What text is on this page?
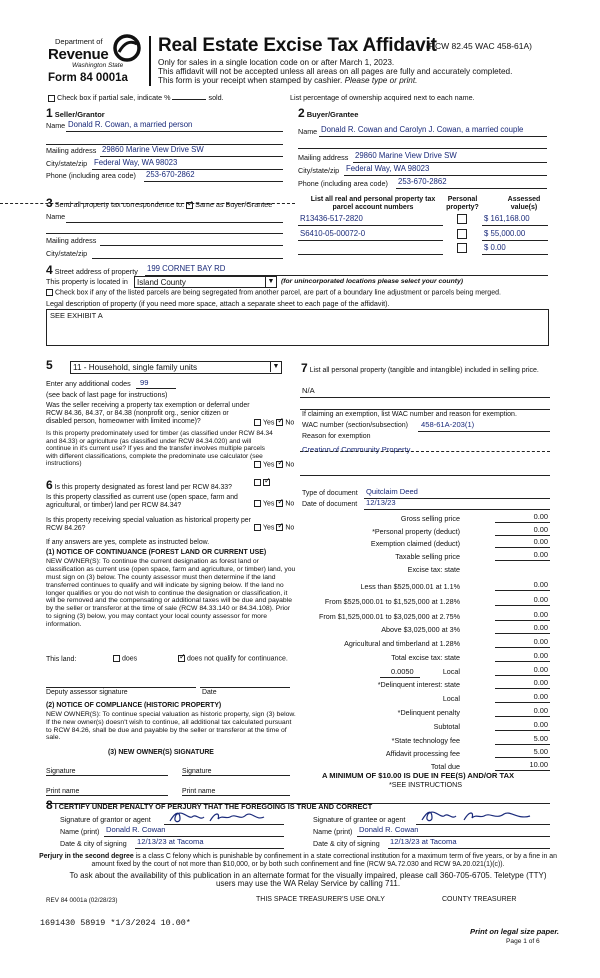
Department of
Revenue
Washington State
Form 84 0001a
Real Estate Excise Tax Affidavit
(RCW 82.45 WAC 458-61A)
Only for sales in a single location code on or after March 1, 2023.
This affidavit will not be accepted unless all areas on all pages are fully and accurately completed.
This form is your receipt when stamped by cashier. Please type or print.
Check box if partial sale, indicate %	sold.	List percentage of ownership acquired next to each name.
1 Seller/Grantor
Name Donald R. Cowan, a married person
Mailing address 29860 Marine View Drive SW
City/state/zip Federal Way, WA 98023
Phone (including area code) 253-670-2862
2 Buyer/Grantee
Name Donald R. Cowan and Carolyn J. Cowan, a married couple
Mailing address 29860 Marine View Drive SW
City/state/zip Federal Way, WA 98023
Phone (including area code) 253-670-2862
3 Send all property tax correspondence to: ✓ Same as Buyer/Grantee
Name
Mailing address
City/state/zip
List all real and personal property tax parcel account numbers
Personal property?
Assessed value(s)
R13436-517-2820	$ 161,168.00
S6410-05-00072-0	$ 55,000.00
$ 0.00
4 Street address of property 199 CORNET BAY RD
This property is located in	Island County	▼ (for unincorporated locations please select your county)
Check box if any of the listed parcels are being segregated from another parcel, are part of a boundary line adjustment or parcels being merged.
Legal description of property (if you need more space, attach a separate sheet to each page of the affidavit).
SEE EXHIBIT A
5	11 - Household, single family units	▼
Enter any additional codes 99
(see back of last page for instructions)
Was the seller receiving a property tax exemption or deferral under RCW 84.36, 84.37, or 84.38 (nonprofit org., senior citizen or disabled person, homeowner with limited income)?	Yes ✓ No
Is this property predominately used for timber (as classified under RCW 84.34 and 84.33) or agriculture (as classified under RCW 84.34.020) and will continue in it's current use? If yes and the transfer involves multiple parcels with different classifications, complete the predominate use calculator (see instructions)	Yes ✓ No
6 Is this property designated as forest land per RCW 84.33?
✓
Is this property classified as current use (open space, farm and agricultural, or timber) land per RCW 84.34?	Yes ✓ No
Is this property receiving special valuation as historical property per RCW 84.26?	Yes ✓ No
If any answers are yes, complete as instructed below.
(1) NOTICE OF CONTINUANCE (FOREST LAND OR CURRENT USE)
NEW OWNER(S): To continue the current designation as forest land or classification as current use (open space, farm and agriculture, or timber) land, you must sign on (3) below. The county assessor must then determine if the land transferred continues to qualify and will indicate by signing below. If the land no longer qualifies or you do not wish to continue the designation or classification, it will be removed and the compensating or additional taxes will be due and payable by the seller or transferor at the time of sale (RCW 84.33.140 or 84.34.108). Prior to signing (3) below, you may contact your local county assessor for more information.
This land:	does ✓	does not qualify for continuance.
Deputy assessor signature	Date
(2) NOTICE OF COMPLIANCE (HISTORIC PROPERTY)
NEW OWNER(S): To continue special valuation as historic property, sign (3) below. If the new owner(s) doesn't wish to continue, all additional tax calculated pursuant to RCW 84.26, shall be due and payable by the seller or transferor at the time of sale.
(3) NEW OWNER(S) SIGNATURE
Signature	Signature
Print name	Print name
7 List all personal property (tangible and intangible) included in selling price.
N/A
If claiming an exemption, list WAC number and reason for exemption.
WAC number (section/subsection) 458-61A-203(1)
Reason for exemption
Creation of Community Property
Type of document Quitclaim Deed
Date of document 12/13/23
Gross selling price	0.00
*Personal property (deduct)	0.00
Exemption claimed (deduct)	0.00
Taxable selling price	0.00
Excise tax: state
Less than $525,000.01 at 1.1%	0.00
From $525,000.01 to $1,525,000 at 1.28%	0.00
From $1,525,000.01 to $3,025,000 at 2.75%	0.00
Above $3,025,000 at 3%	0.00
Agricultural and timberland at 1.28%	0.00
Total excise tax: state	0.00
Local	0.00
*Delinquent interest: state	0.00
Local	0.00
*Delinquent penalty	0.00
Subtotal	0.00
*State technology fee	5.00
Affidavit processing fee	5.00
Total due	10.00
0.0050
A MINIMUM OF $10.00 IS DUE IN FEE(S) AND/OR TAX
*SEE INSTRUCTIONS
8 I CERTIFY UNDER PENALTY OF PERJURY THAT THE FOREGOING IS TRUE AND CORRECT
Signature of grantor or agent
Name (print) Donald R. Cowan
Date & city of signing 12/13/23 at Tacoma
Signature of grantee or agent
Name (print) Donald R. Cowan
Date & city of signing 12/13/23 at Tacoma
Perjury in the second degree is a class C felony which is punishable by confinement in a state correctional institution for a maximum term of five years, or by a fine in an amount fixed by the court of not more than $10,000, or by both such confinement and fine (RCW 9A.72.030 and RCW 9A.20.021(1)(c)).
To ask about the availability of this publication in an alternate format for the visually impaired, please call 360-705-6705. Teletype (TTY) users may use the WA Relay Service by calling 711.
REV 84 0001a (02/28/23)	THIS SPACE TREASURER'S USE ONLY	COUNTY TREASURER
1691430 58919 *1/3/2024 10.00*
Print on legal size paper.
Page 1 of 6
